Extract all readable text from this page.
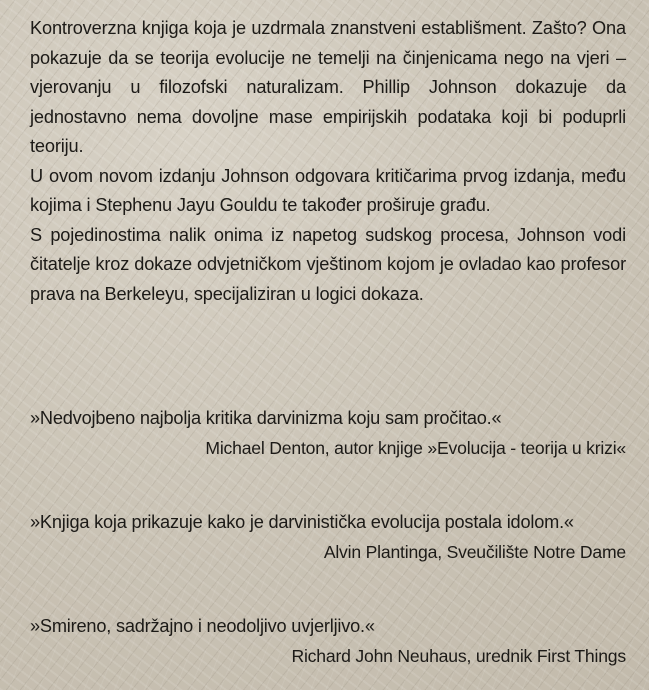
Kontroverzna knjiga koja je uzdrmala znanstveni establišment. Zašto? Ona pokazuje da se teorija evolucije ne temelji na činjenicama nego na vjeri – vjerovanju u filozofski naturalizam. Phillip Johnson dokazuje da jednostavno nema dovoljne mase empirijskih podataka koji bi poduprli teoriju.

U ovom novom izdanju Johnson odgovara kritičarima prvog izdanja, među kojima i Stephenu Jayu Gouldu te također proširuje građu.

S pojedinostima nalik onima iz napetog sudskog procesa, Johnson vodi čitatelje kroz dokaze odvjetničkom vještinom kojom je ovladao kao profesor prava na Berkeleyu, specijaliziran u logici dokaza.

»Nedvojbeno najbolja kritika darvinizma koju sam pročitao.«

Michael Denton, autor knjige »Evolucija - teorija u krizi«

»Knjiga koja prikazuje kako je darvinistička evolucija postala idolom.«

Alvin Plantinga, Sveučilište Notre Dame

»Smireno, sadržajno i neodoljivo uvjerljivo.«

Richard John Neuhaus, urednik First Things
